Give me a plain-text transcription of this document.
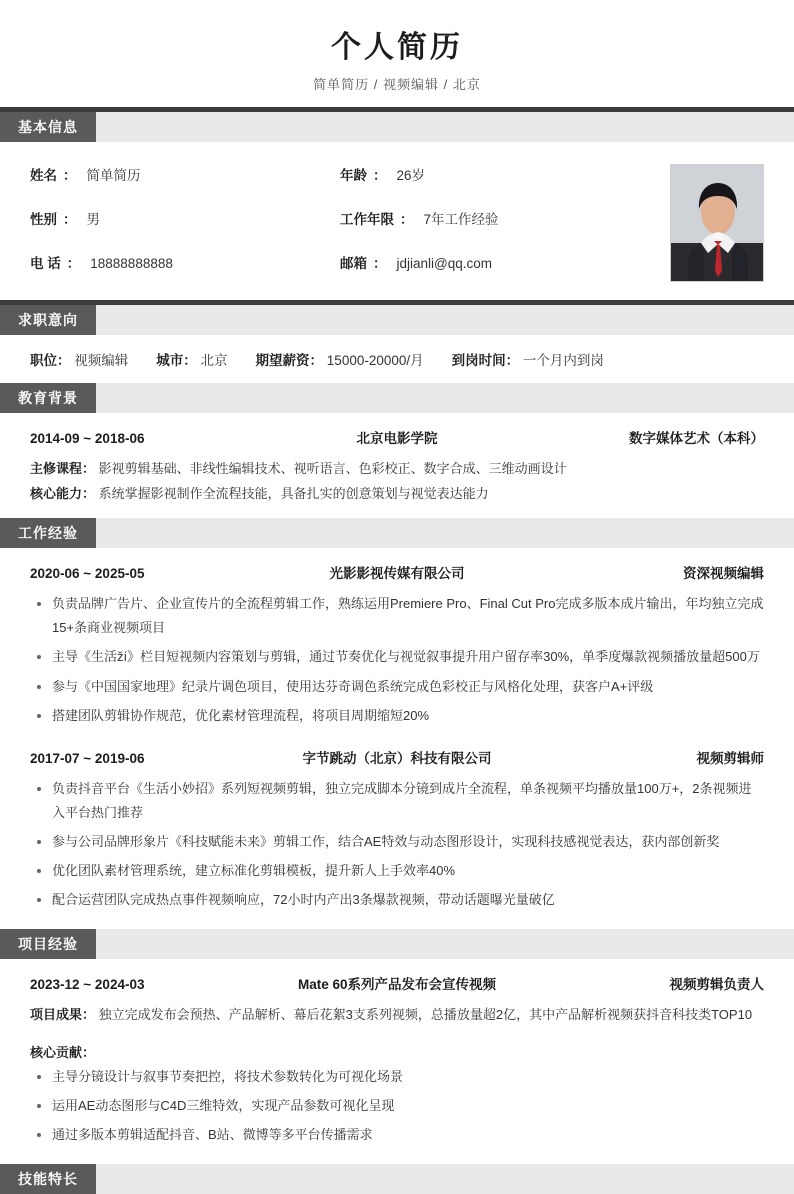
个人简历
简单简历 / 视频编辑 / 北京
基本信息
姓名 ： 简单简历	年龄 ： 26岁
性别 ： 男	工作年限 ： 7年工作经验
电 话 ： 18888888888	邮箱 ： jdjianli@qq.com
求职意向
职位： 视频编辑 城市： 北京 期望薪资： 15000-20000/月 到岗时间： 一个月内到岗
教育背景
2014-09 ~ 2018-06	北京电影学院	数字媒体艺术（本科）
主修课程： 影视剪辑基础、非线性编辑技术、视听语言、色彩校正、数字合成、三维动画设计
核心能力： 系统掌握影视制作全流程技能，具备扎实的创意策划与视觉表达能力
工作经验
2020-06 ~ 2025-05	光影影视传媒有限公司	资深视频编辑
• 负责品牌广告片、企业宣传片的全流程剪辑工作，熟练运用Premiere Pro、Final Cut Pro完成多版本成片输出，年均独立完成15+条商业视频项目
• 主导《生活ží》栏目短视频内容策划与剪辑，通过节奏优化与视觉叙事提升用户留存率30%，单季度爆款视频播放量超500万
• 参与《中国国家地理》纪录片调色项目，使用达芬奇调色系统完成色彩校正与风格化处理，获客户A+评级
• 搭建团队剪辑协作规范，优化素材管理流程，将项目周期缩短20%
2017-07 ~ 2019-06	字节跳动（北京）科技有限公司	视频剪辑师
• 负责抖音平台《生活小妙招》系列短视频剪辑，独立完成脚本分镜到成片全流程，单条视频平均播放量100万+，2条视频进入平台热门推荐
• 参与公司品牌形象片《科技赋能未来》剪辑工作，结合AE特效与动态图形设计，实现科技感视觉表达，获内部创新奖
• 优化团队素材管理系统，建立标准化剪辑模板，提升新人上手效率40%
• 配合运营团队完成热点事件视频响应，72小时内产出3条爆款视频，带动话题曝光量破亿
项目经验
2023-12 ~ 2024-03	Mate 60系列产品发布会宣传视频	视频剪辑负责人
项目成果： 独立完成发布会预热、产品解析、幕后花絮3支系列视频，总播放量超2亿，其中产品解析视频获抖音科技类TOP10
核心贡献：
• 主导分镜设计与叙事节奏把控，将技术参数转化为可视化场景
• 运用AE动态图形与C4D三维特效，实现产品参数可视化呈现
• 通过多版本剪辑适配抖音、B站、微博等多平台传播需求
技能特长
